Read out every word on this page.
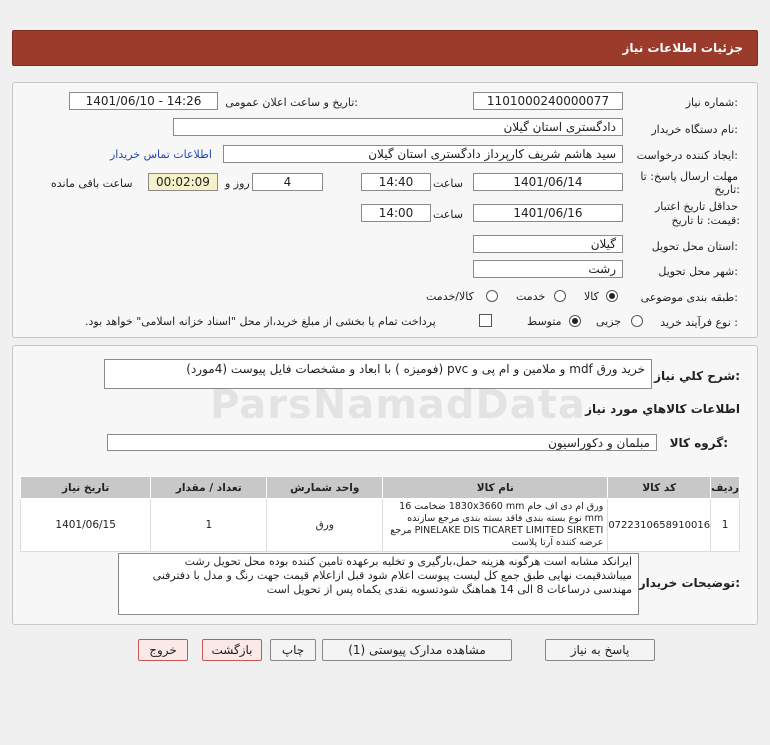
جزئیات اطلاعات نیاز
شماره نیاز:
1101000240000077
تاریخ و ساعت اعلان عمومی:
1401/06/10 - 14:26
نام دستگاه خریدار:
دادگستری استان گیلان
ایجاد کننده درخواست:
سید هاشم شریف کارپرداز دادگستری استان گیلان
اطلاعات تماس خریدار
مهلت ارسال پاسخ: تا
تاریخ:
1401/06/14
ساعت
14:40
4
روز و
00:02:09
ساعت باقی مانده
حداقل تاریخ اعتبار
قیمت: تا تاریخ:
1401/06/16
ساعت
14:00
استان محل تحویل:
گیلان
شهر محل تحویل:
رشت
طبقه بندی موضوعی:
کالا
خدمت
کالا/خدمت
نوع فرآیند خرید :
جزیی
متوسط
پرداخت تمام یا بخشی از مبلغ خرید،از محل "اسناد خزانه اسلامی" خواهد بود.
شرح کلي نياز:
خرید ورق mdf و ملامین و ام پی و pvc (فومیزه ) با ابعاد و مشخصات فایل پیوست (4مورد)
اطلاعات کالاهاي مورد نياز
گروه کالا:
مبلمان و دکوراسیون
ردیف	کد کالا	نام کالا	واحد شمارش	تعداد / مقدار	تاریخ نیاز
1	0722310658910016	ورق ام دی اف خام 1830x3660 mm ضخامت 16 mm نوع بسته بندی فاقد بسته بندی مرجع سازنده PINELAKE DIS TICARET LIMITED SIRKETI مرجع عرضه کننده آرتا پلاست	ورق	1	1401/06/15
توضیحات خریدار:
ایرانکد مشابه است هرگونه هزینه حمل،بارگیری و تخلیه برعهده تامین کننده بوده محل تحویل رشت میباشدقیمت نهایی طبق جمع کل لیست پیوست اعلام شود قبل ازاعلام قیمت جهت رنگ و مدل با دفترفنی مهندسی درساعات 8 الی 14 هماهنگ شودتسویه نقدی یکماه پس از تحویل است
پاسخ به نیاز
مشاهده مدارک پیوستی (1)
چاپ
بازگشت
خروج
